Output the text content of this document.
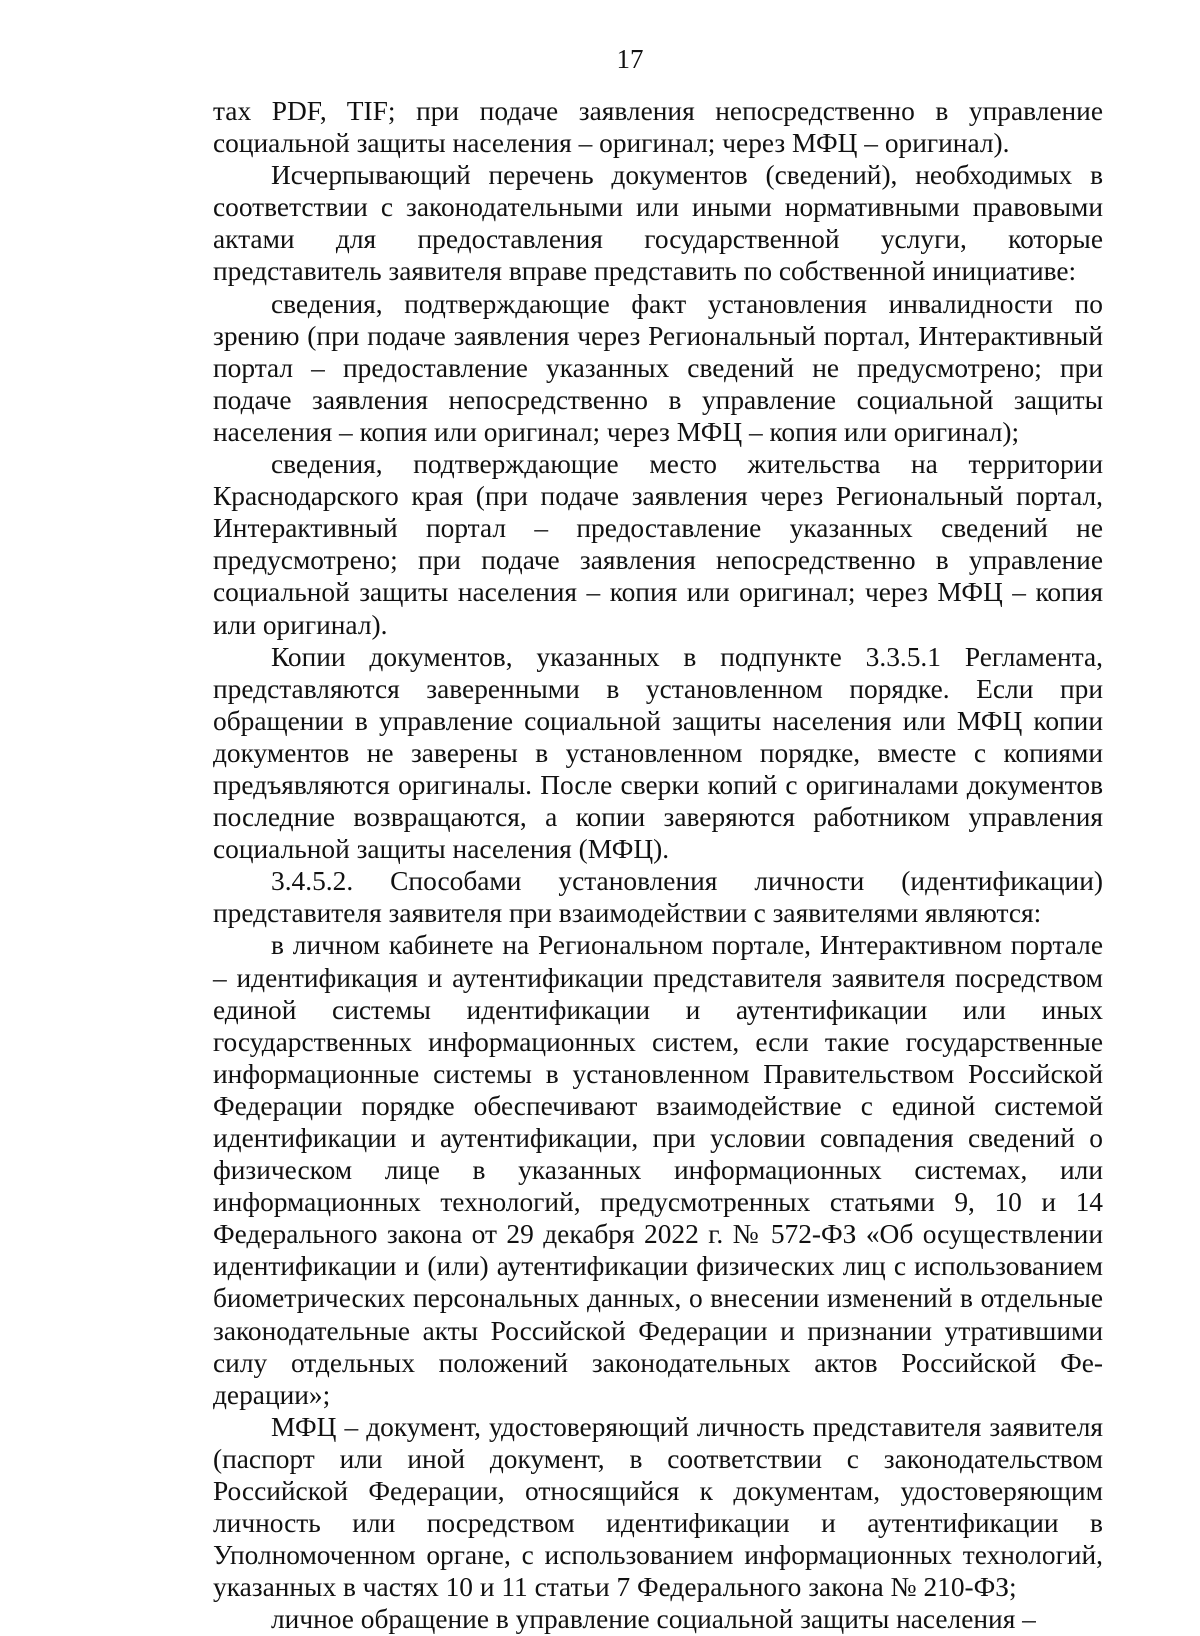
17

тах PDF, TIF; при подаче заявления непосредственно в управление социальной защиты населения – оригинал; через МФЦ – оригинал).

Исчерпывающий перечень документов (сведений), необходимых в соответствии с законодательными или иными нормативными правовыми актами для предоставления государственной услуги, которые представитель заявителя вправе представить по собственной инициативе:

сведения, подтверждающие факт установления инвалидности по зрению (при подаче заявления через Региональный портал, Интерактивный портал – предоставление указанных сведений не предусмотрено; при подаче заявления непосредственно в управление социальной защиты населения – копия или оригинал; через МФЦ – копия или оригинал);

сведения, подтверждающие место жительства на территории Краснодарского края (при подаче заявления через Региональный портал, Интерактивный портал – предоставление указанных сведений не предусмотрено; при подаче заявления непосредственно в управление социальной защиты населения – копия или оригинал; через МФЦ – копия или оригинал).

Копии документов, указанных в подпункте 3.3.5.1 Регламента, представляются заверенными в установленном порядке. Если при обращении в управление социальной защиты населения или МФЦ копии документов не заверены в установленном порядке, вместе с копиями предъявляются оригиналы. После сверки копий с оригиналами документов последние возвращаются, а копии заверяются работником управления социальной защиты населения (МФЦ).

3.4.5.2. Способами установления личности (идентификации) представителя заявителя при взаимодействии с заявителями являются:

в личном кабинете на Региональном портале, Интерактивном портале – идентификация и аутентификации представителя заявителя посредством единой системы идентификации и аутентификации или иных государственных информационных систем, если такие государственные информационные системы в установленном Правительством Российской Федерации порядке обеспечивают взаимодействие с единой системой идентификации и аутентификации, при условии совпадения сведений о физическом лице в указанных информационных системах, или информационных технологий, предусмотренных статьями 9, 10 и 14 Федерального закона от 29 декабря 2022 г. № 572-ФЗ «Об осуществлении идентификации и (или) аутентификации физических лиц с использованием биометрических персональных данных, о внесении изменений в отдельные законодательные акты Российской Федерации и признании утратившими силу отдельных положений законодательных актов Российской Федерации»;

МФЦ – документ, удостоверяющий личность представителя заявителя (паспорт или иной документ, в соответствии с законодательством Российской Федерации, относящийся к документам, удостоверяющим личность или посредством идентификации и аутентификации в Уполномоченном органе, с использованием информационных технологий, указанных в частях 10 и 11 статьи 7 Федерального закона № 210-ФЗ;

личное обращение в управление социальной защиты населения –
